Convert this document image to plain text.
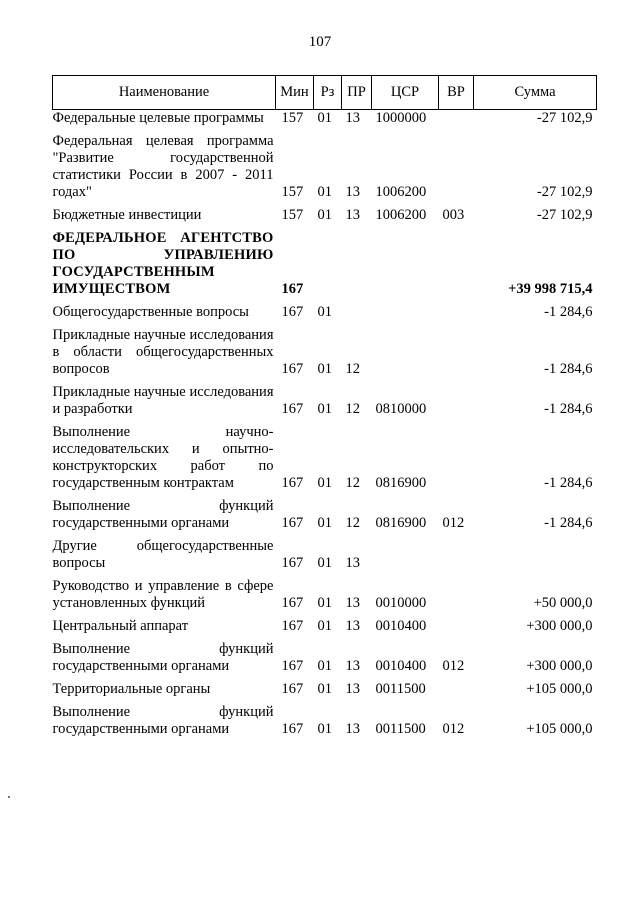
107
Наименование	Мин	Рз	ПР	ЦСР	ВР	Сумма
Федеральные целевые программы	157	01	13	1000000		-27 102,9

Федеральная целевая программа "Развитие государственной статистики России в 2007 - 2011 годах"	157	01	13	1006200		-27 102,9

Бюджетные инвестиции	157	01	13	1006200	003	-27 102,9

ФЕДЕРАЛЬНОЕ АГЕНТСТВО ПО УПРАВЛЕНИЮ ГОСУДАРСТВЕННЫМ ИМУЩЕСТВОМ	167					+39 998 715,4

Общегосударственные вопросы	167	01				-1 284,6

Прикладные научные исследования в области общегосударственных вопросов	167	01	12			-1 284,6

Прикладные научные исследования и разработки	167	01	12	0810000		-1 284,6

Выполнение научно-исследовательских и опытно-конструкторских работ по государственным контрактам	167	01	12	0816900		-1 284,6

Выполнение функций государственными органами	167	01	12	0816900	012	-1 284,6

Другие общегосударственные вопросы	167	01	13			

Руководство и управление в сфере установленных функций	167	01	13	0010000		+50 000,0

Центральный аппарат	167	01	13	0010400		+300 000,0

Выполнение функций государственными органами	167	01	13	0010400	012	+300 000,0

Территориальные органы	167	01	13	0011500		+105 000,0

Выполнение функций государственными органами	167	01	13	0011500	012	+105 000,0
